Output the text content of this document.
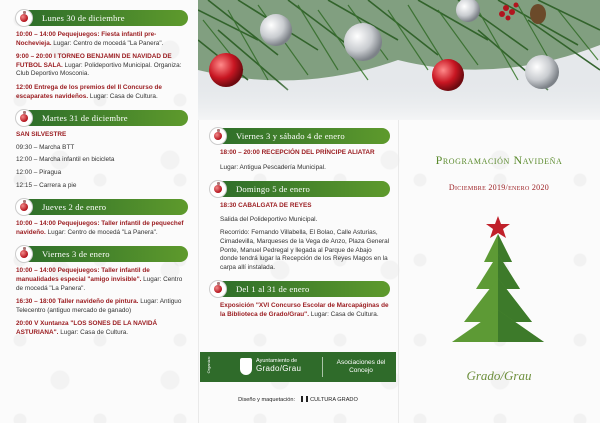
Lunes 30 de diciembre
10:00 – 14:00 Pequejuegos: Fiesta infantil pre-Nochevieja. Lugar: Centro de mocedá "La Panera".
9:00 – 20:00 I TORNEO BENJAMIN DE NAVIDAD DE FUTBOL SALA. Lugar: Polideportivo Municipal. Organiza: Club Deportivo Mosconia.
12:00 Entrega de los premios del II Concurso de escaparates navideños. Lugar: Casa de Cultura.
Martes 31 de diciembre
SAN SILVESTRE
09:30 – Marcha BTT
12:00 – Marcha infantil en bicicleta
12:00 – Piragua
12:15 – Carrera a pie
Jueves 2 de enero
10:00 – 14:00 Pequejuegos: Taller infantil de pequechef navideño. Lugar: Centro de mocedá "La Panera".
Viernes 3 de enero
10:00 – 14:00 Pequejuegos: Taller infantil de manualidades especial "amigo invisible". Lugar: Centro de mocedá "La Panera".
16:30 – 18:00 Taller navideño de pintura. Lugar: Antiguo Telecentro (antiguo mercado de ganado)
20:00 V Xuntanza "LOS SONES DE LA NAVIDÁ ASTURIANA". Lugar: Casa de Cultura.
Viernes 3 y sábado 4 de enero
18:00 – 20:00 RECEPCIÓN DEL PRÍNCIPE ALIATAR
Lugar: Antigua Pescadería Municipal.
Domingo 5 de enero
18:30 CABALGATA DE REYES
Salida del Polideportivo Municipal.
Recorrido: Fernando Villabella, El Bolao, Calle Asturias, Cimadevilla, Marqueses de la Vega de Anzo, Plaza General Ponte, Manuel Pedregal y llegada al Parque de Abajo donde tendrá lugar la Recepción de los Reyes Magos en la carpa allí instalada.
Del 1 al 31 de enero
Exposición "XVI Concurso Escolar de Marcapáginas de la Biblioteca de Grado/Grau". Lugar: Casa de Cultura.
Organiza:	Ayuntamiento de
Grado/Grau
Asociaciones del Concejo
Diseño y maquetación:	CULTURA GRADO
Programación Navideña
Diciembre 2019/enero 2020
Grado/Grau
